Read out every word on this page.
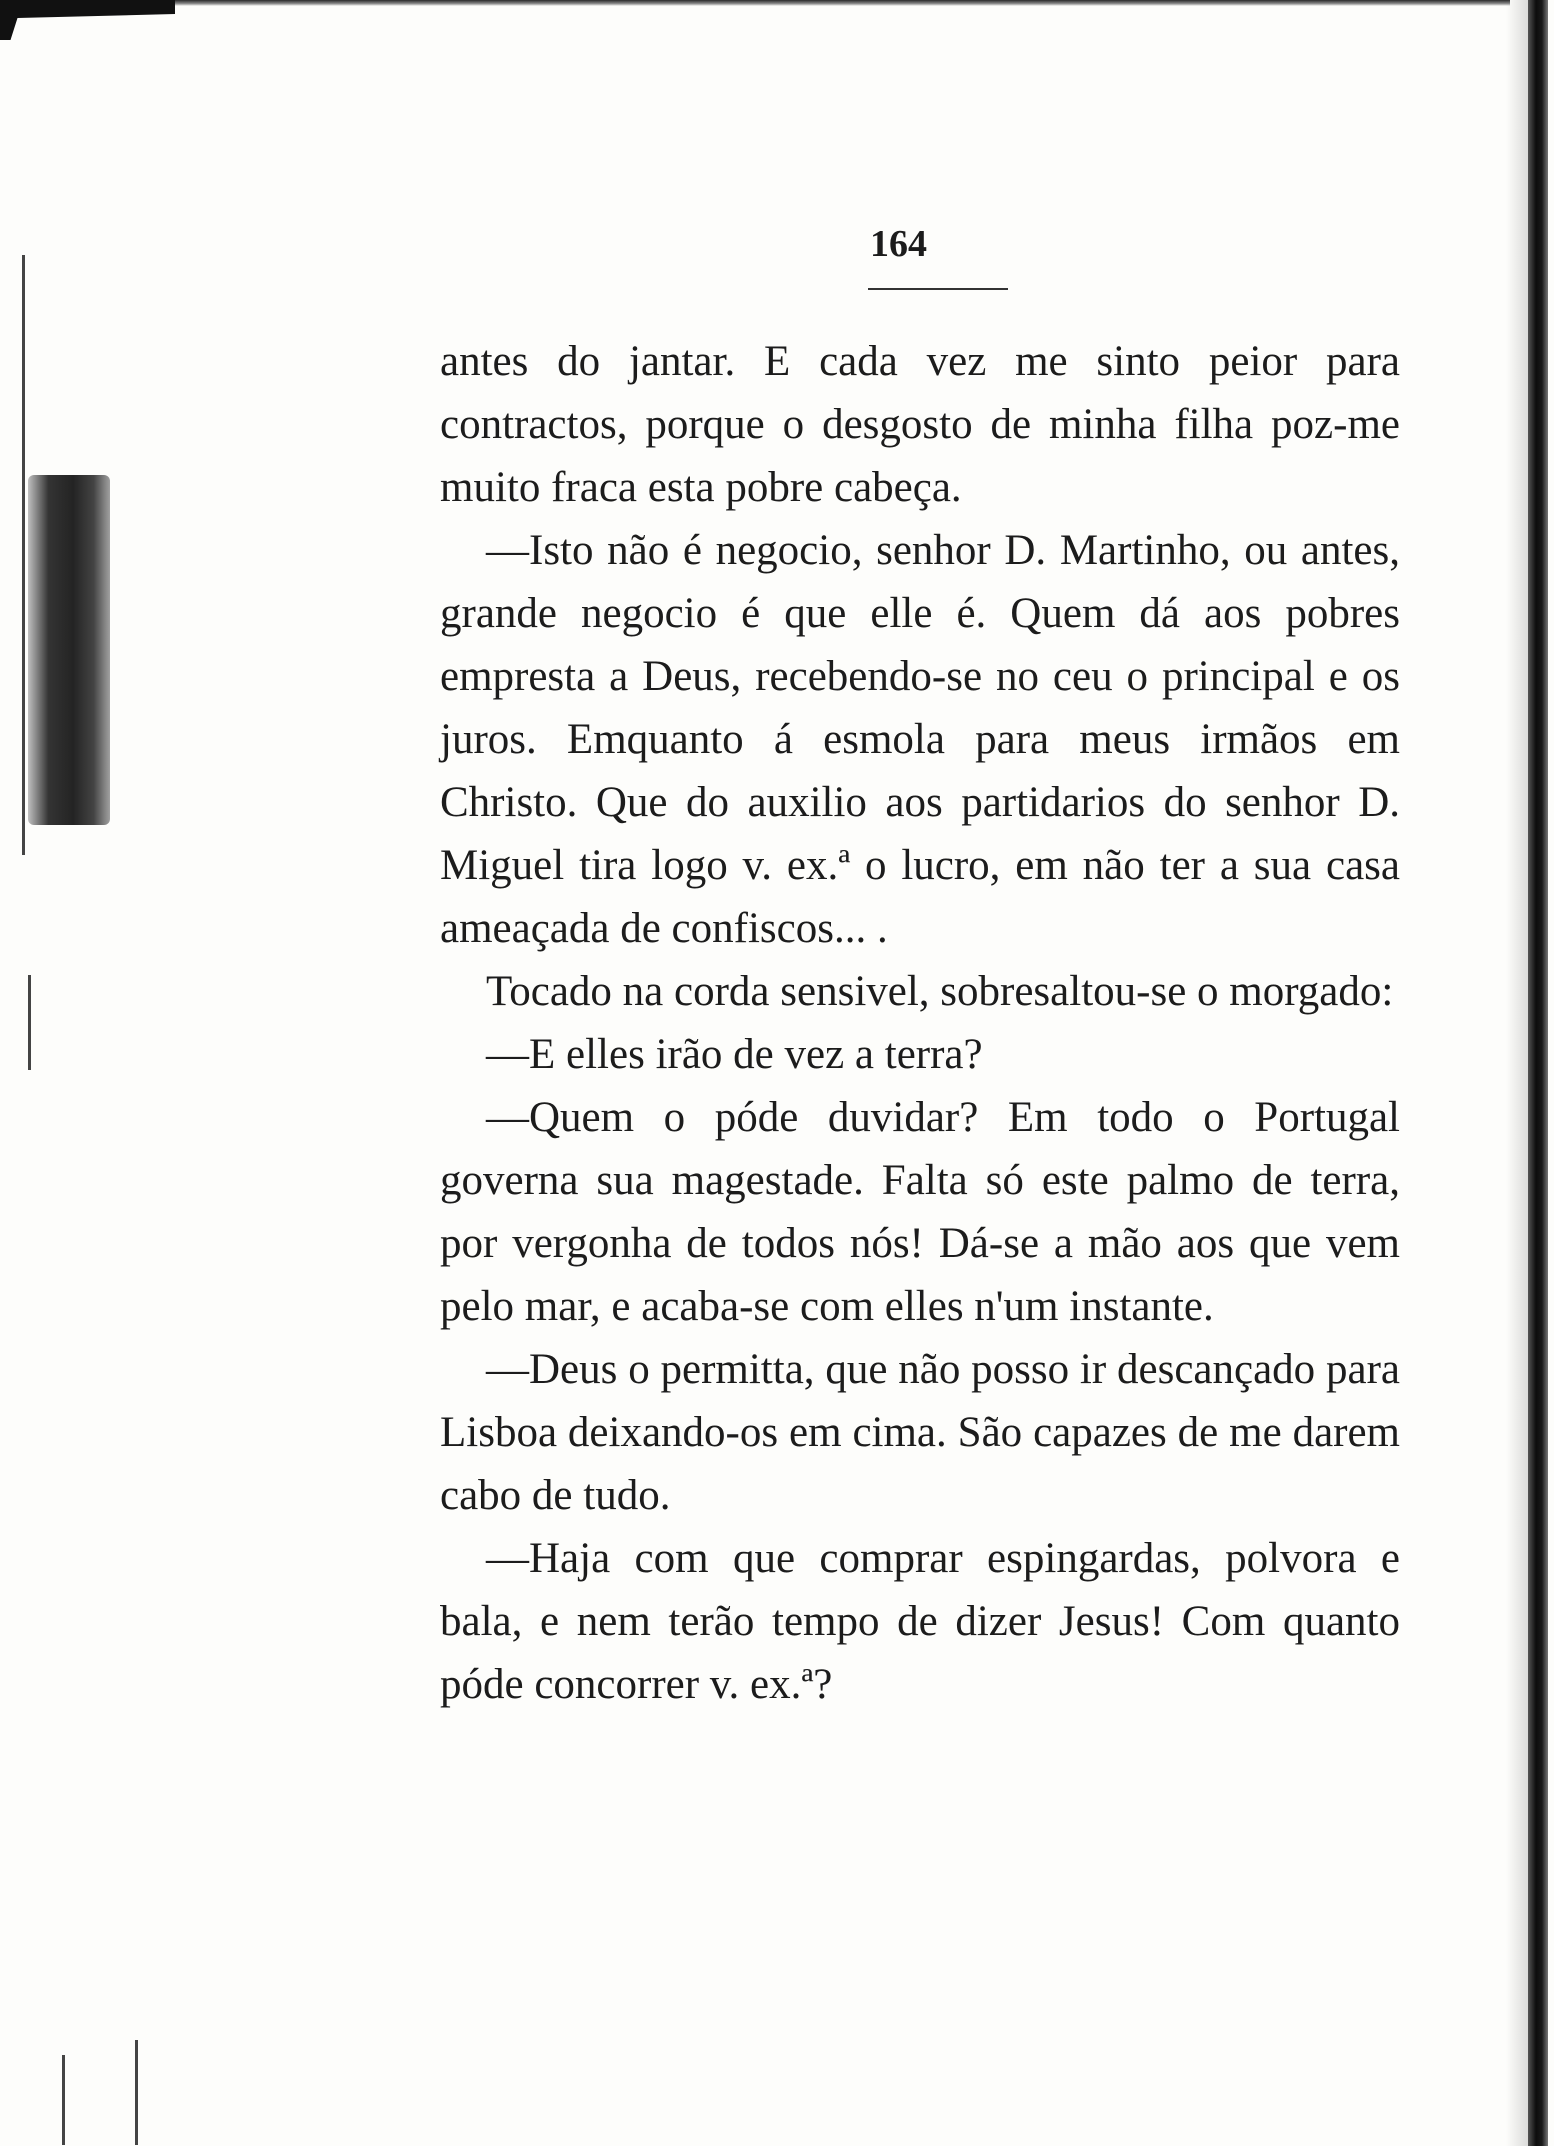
164

antes do jantar. E cada vez me sinto peior para contractos, porque o desgosto de minha filha poz-me muito fraca esta pobre cabeça.

—Isto não é negocio, senhor D. Martinho, ou antes, grande negocio é que elle é. Quem dá aos pobres empresta a Deus, recebendo-se no ceu o principal e os juros. Emquanto á esmola para meus irmãos em Christo. Que do auxilio aos partidarios do senhor D. Miguel tira logo v. ex.ª o lucro, em não ter a sua casa ameaçada de confiscos... .

Tocado na corda sensivel, sobresaltou-se o morgado:

—E elles irão de vez a terra?

—Quem o póde duvidar? Em todo o Portugal governa sua magestade. Falta só este palmo de terra, por vergonha de todos nós! Dá-se a mão aos que vem pelo mar, e acaba-se com elles n'um instante.

—Deus o permitta, que não posso ir descançado para Lisboa deixando-os em cima. São capazes de me darem cabo de tudo.

—Haja com que comprar espingardas, polvora e bala, e nem terão tempo de dizer Jesus! Com quanto póde concorrer v. ex.ª?
